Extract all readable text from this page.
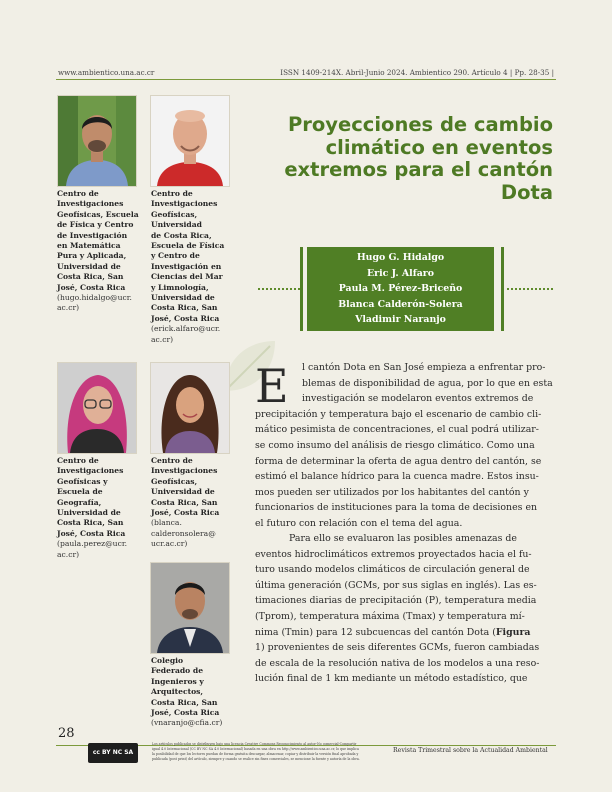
www.ambientico.una.ac.cr	ISSN 1409-214X. Abril-Junio 2024. Ambientico 290. Artículo 4 | Pp. 28-35 |
Centro de
Investigaciones
Geofísicas, Escuela
de Física y Centro
de Investigación
en Matemática
Pura y Aplicada,
Universidad de
Costa Rica, San
José, Costa Rica
(hugo.hidalgo@ucr.
ac.cr)
Centro de
Investigaciones
Geofísicas,
Universidad
de Costa Rica,
Escuela de Física
y Centro de
Investigación en
Ciencias del Mar
y Limnología,
Universidad de
Costa Rica, San
José, Costa Rica
(erick.alfaro@ucr.
ac.cr)
Proyecciones de cambio climático en eventos extremos para el cantón Dota
Hugo G. Hidalgo
Eric J. Alfaro
Paula M. Pérez-Briceño
Blanca Calderón-Solera
Vladimir Naranjo
Centro de
Investigaciones
Geofísicas y
Escuela de
Geografía,
Universidad de
Costa Rica, San
José, Costa Rica
(paula.perez@ucr.
ac.cr)
Centro de
Investigaciones
Geofísicas,
Universidad de
Costa Rica, San
José, Costa Rica
(blanca.
calderonsolera@
ucr.ac.cr)
Colegio
Federado de
Ingenieros y
Arquitectos,
Costa Rica, San
José, Costa Rica
(vnaranjo@cfia.cr)
E	l cantón Dota en San José empieza a enfrentar pro-
blemas de disponibilidad de agua, por lo que en esta
investigación se modelaron eventos extremos de
precipitación y temperatura bajo el escenario de cambio cli-
mático pesimista de concentraciones, el cual podrá utilizar-
se como insumo del análisis de riesgo climático. Como una
forma de determinar la oferta de agua dentro del cantón, se
estimó el balance hídrico para la cuenca madre. Estos insu-
mos pueden ser utilizados por los habitantes del cantón y
funcionarios de instituciones para la toma de decisiones en
el futuro con relación con el tema del agua.
Para ello se evaluaron las posibles amenazas de
eventos hidroclimáticos extremos proyectados hacia el fu-
turo usando modelos climáticos de circulación general de
última generación (GCMs, por sus siglas en inglés). Las es-
timaciones diarias de precipitación (P), temperatura media
(Tprom), temperatura máxima (Tmax) y temperatura mí-
nima (Tmin) para 12 subcuencas del cantón Dota (Figura
1) provenientes de seis diferentes GCMs, fueron cambiadas
de escala de la resolución nativa de los modelos a una reso-
lución final de 1 km mediante un método estadístico, que
28
cc BY NC SA
Los artículos publicados se distribuyen bajo una licencia Creative Commons Reconocimiento al autor-No comercial-Compartir
igual 4.0 Internacional (CC BY NC SA 4.0 Internacional) basada en una obra en http://www.ambientico.una.ac.cr, lo que implica
la posibilidad de que los lectores puedan de forma gratuita descargar, almacenar, copiar y distribuir la versión final aprobada y
publicada (post print) del artículo, siempre y cuando se realice sin fines comerciales, se mencione la fuente y autoría de la obra.
Revista Trimestral sobre la Actualidad Ambiental
